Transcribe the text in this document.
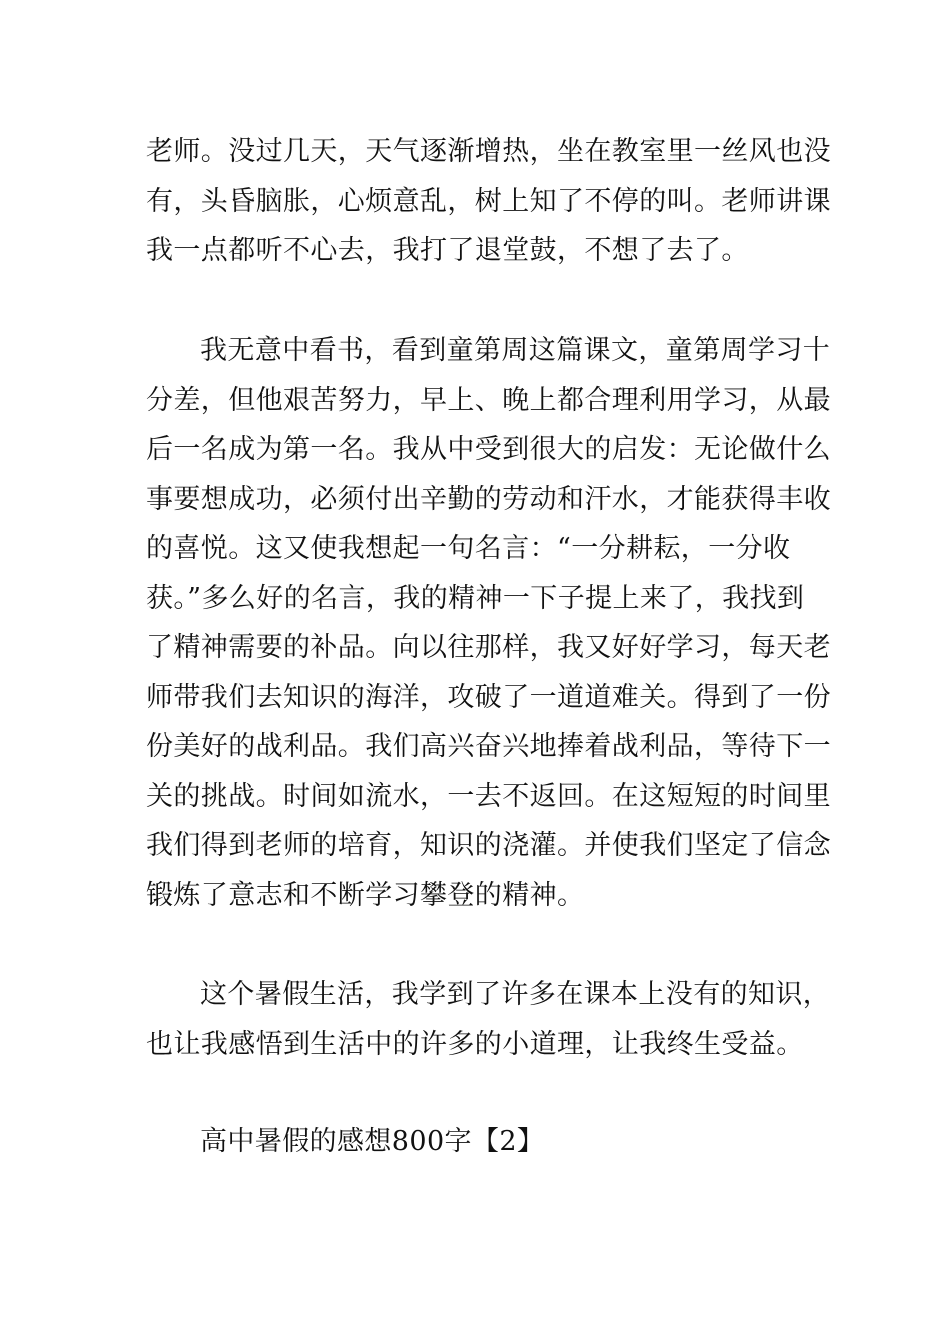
老师。没过几天，天气逐渐增热，坐在教室里一丝风也没
有，头昏脑胀，心烦意乱，树上知了不停的叫。老师讲课
我一点都听不心去，我打了退堂鼓，不想了去了。

我无意中看书，看到童第周这篇课文，童第周学习十
分差，但他艰苦努力，早上、晚上都合理利用学习，从最
后一名成为第一名。我从中受到很大的启发：无论做什么
事要想成功，必须付出辛勤的劳动和汗水，才能获得丰收
的喜悦。这又使我想起一句名言：“一分耕耘，一分收
获。”多么好的名言，我的精神一下子提上来了，我找到
了精神需要的补品。向以往那样，我又好好学习，每天老
师带我们去知识的海洋，攻破了一道道难关。得到了一份
份美好的战利品。我们高兴奋兴地捧着战利品，等待下一
关的挑战。时间如流水，一去不返回。在这短短的时间里
我们得到老师的培育，知识的浇灌。并使我们坚定了信念
锻炼了意志和不断学习攀登的精神。

这个暑假生活，我学到了许多在课本上没有的知识，
也让我感悟到生活中的许多的小道理，让我终生受益。

高中暑假的感想800字【2】
